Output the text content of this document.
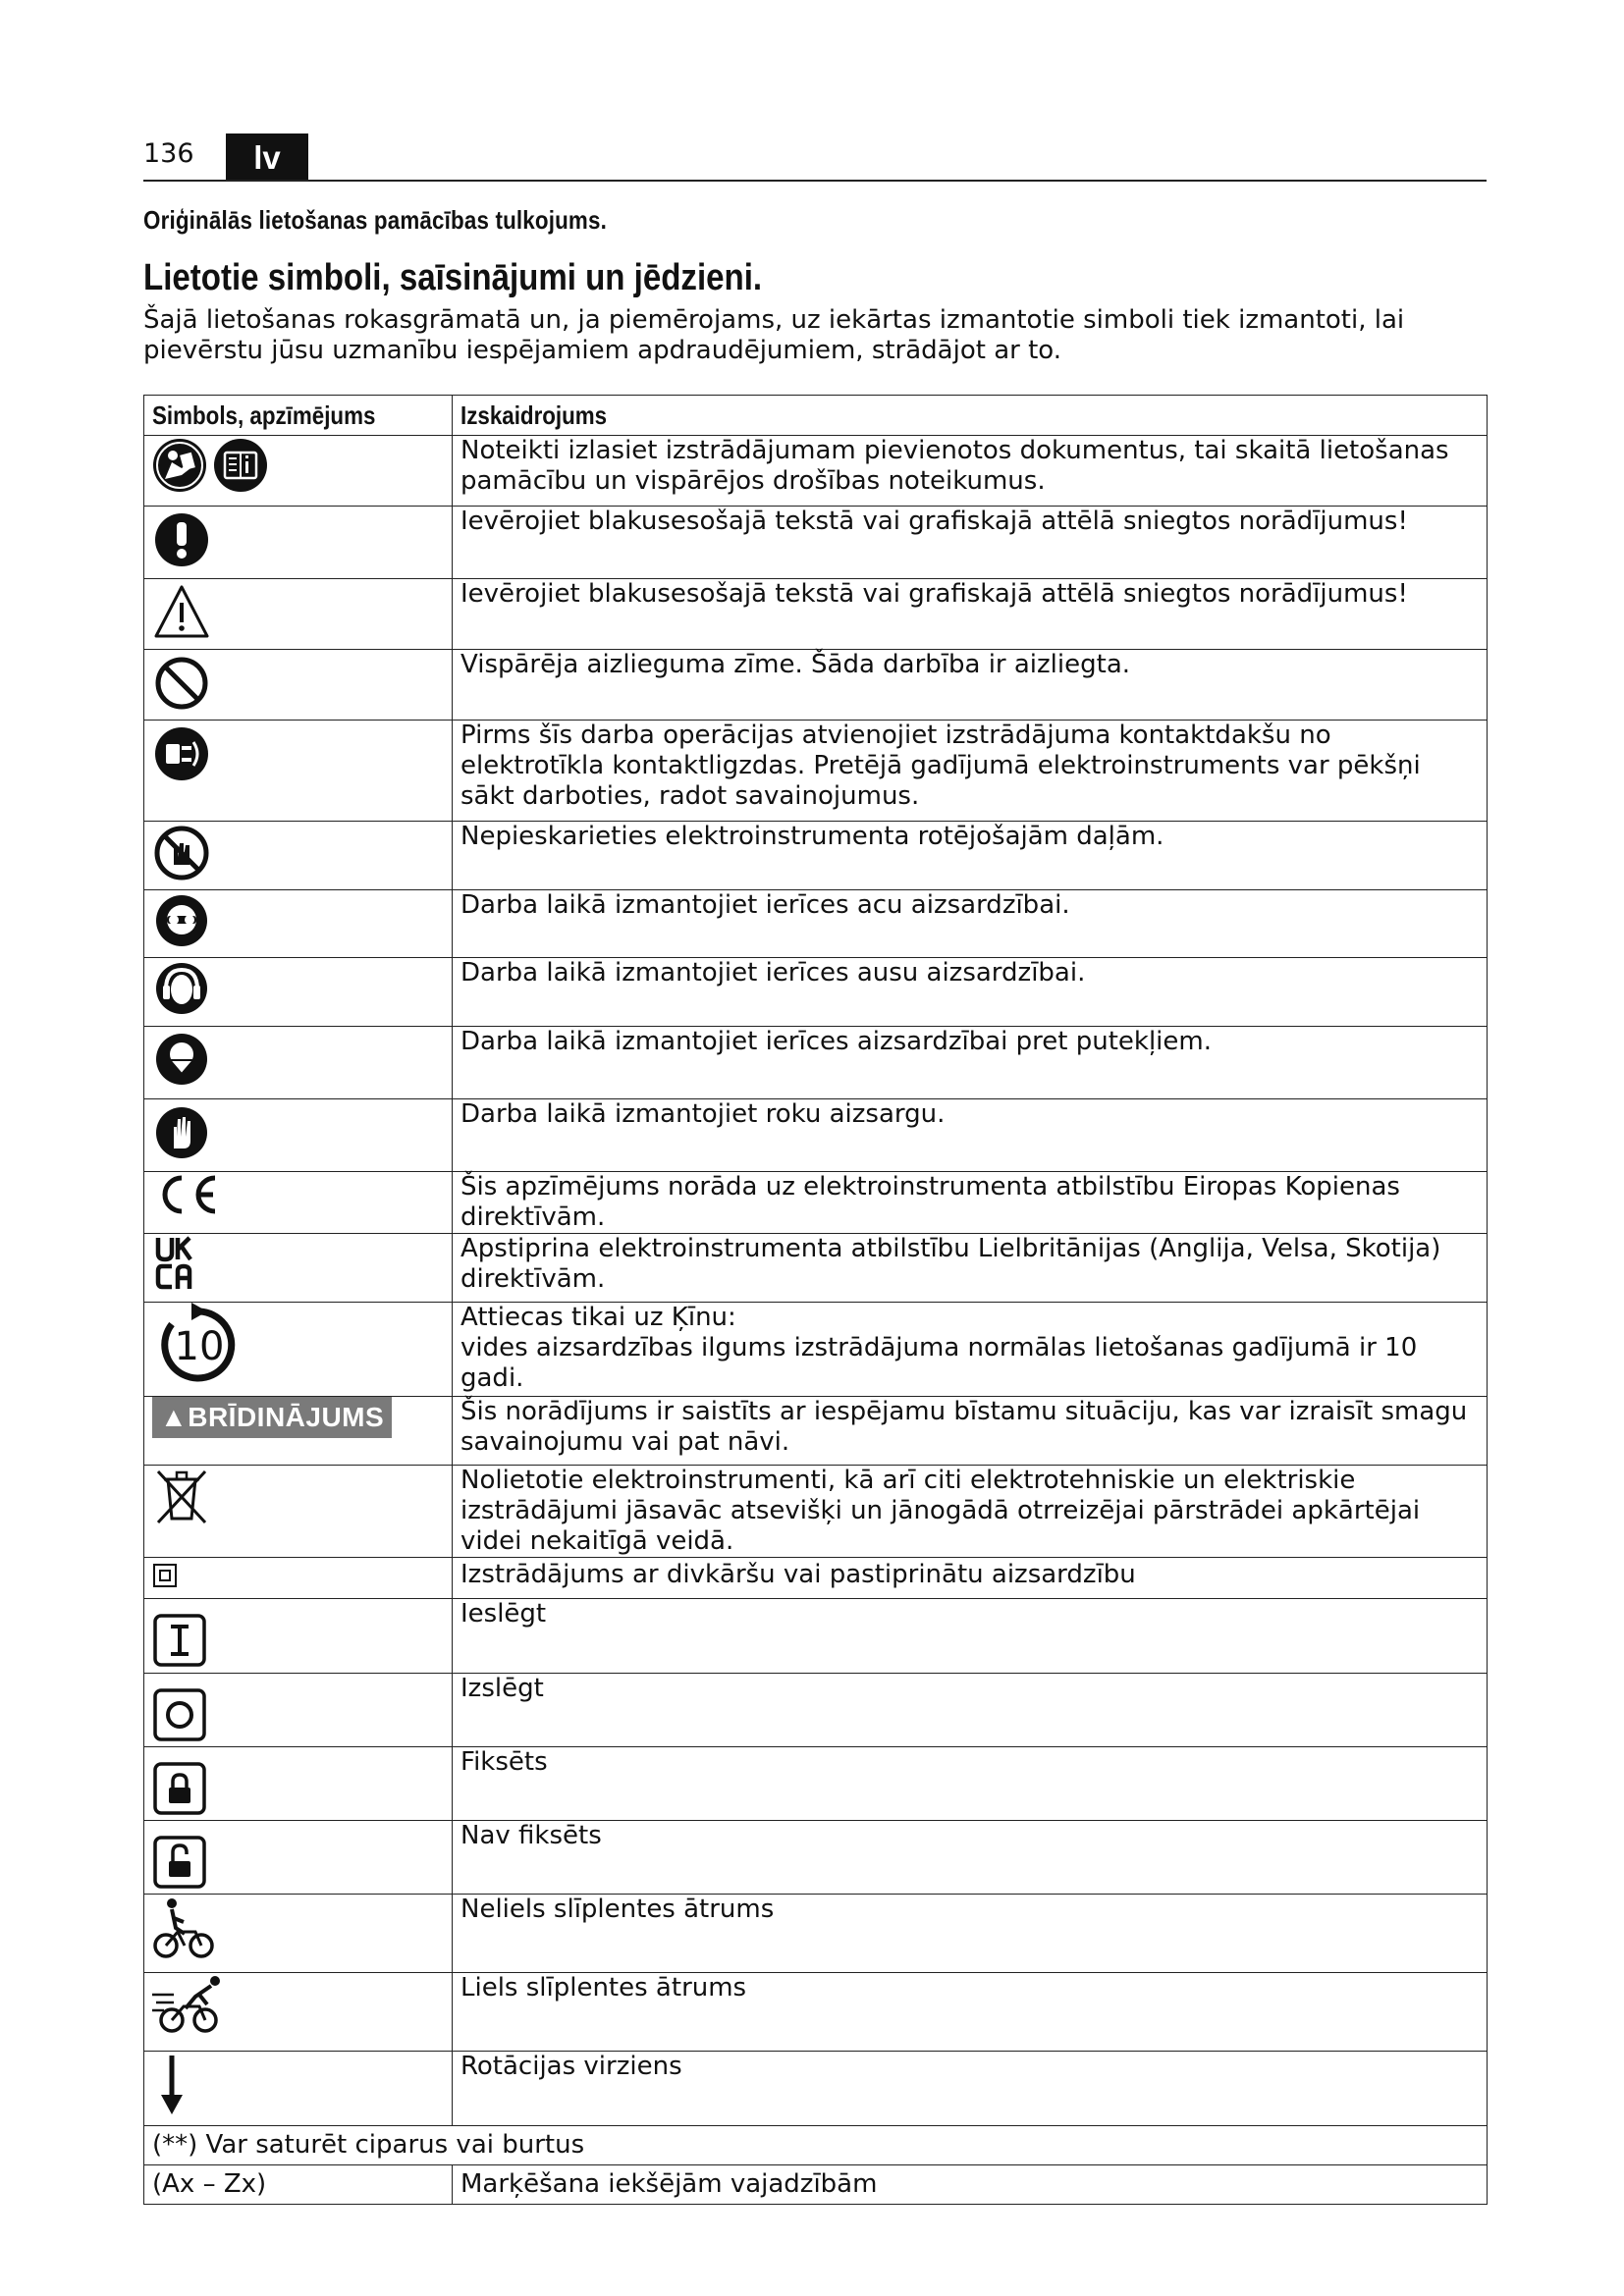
136	lv
Oriģinālās lietošanas pamācības tulkojums.
Lietotie simboli, saīsinājumi un jēdzieni.
Šajā lietošanas rokasgrāmatā un, ja piemērojams, uz iekārtas izmantotie simboli tiek izmantoti, lai pievērstu jūsu uzmanību iespējamiem apdraudējumiem, strādājot ar to.
Simbols, apzīmējums	Izskaidrojums
	Noteikti izlasiet izstrādājumam pievienotos dokumentus, tai skaitā lietošanas pamācību un vispārējos drošības noteikumus.
	Ievērojiet blakusesošajā tekstā vai grafiskajā attēlā sniegtos norādījumus!
	Ievērojiet blakusesošajā tekstā vai grafiskajā attēlā sniegtos norādījumus!
	Vispārēja aizlieguma zīme. Šāda darbība ir aizliegta.
	Pirms šīs darba operācijas atvienojiet izstrādājuma kontaktdakšu no elektrotīkla kontaktligzdas. Pretējā gadījumā elektroinstruments var pēkšņi sākt darboties, radot savainojumus.
	Nepieskarieties elektroinstrumenta rotējošajām daļām.
	Darba laikā izmantojiet ierīces acu aizsardzībai.
	Darba laikā izmantojiet ierīces ausu aizsardzībai.
	Darba laikā izmantojiet ierīces aizsardzībai pret putekļiem.
	Darba laikā izmantojiet roku aizsargu.
	Šis apzīmējums norāda uz elektroinstrumenta atbilstību Eiropas Kopienas direktīvām.
	Apstiprina elektroinstrumenta atbilstību Lielbritānijas (Anglija, Velsa, Skotija) direktīvām.

10	Attiecas tikai uz Ķīnu:
vides aizsardzības ilgums izstrādājuma normālas lietošanas gadījumā ir 10 gadi.

▲BRĪDINĀJUMS	Šis norādījums ir saistīts ar iespējamu bīstamu situāciju, kas var izraisīt smagu savainojumu vai pat nāvi.
	Nolietotie elektroinstrumenti, kā arī citi elektrotehniskie un elektriskie izstrādājumi jāsavāc atsevišķi un jānogādā otrreizējai pārstrādei apkārtējai videi nekaitīgā veidā.
	Izstrādājums ar divkāršu vai pastiprinātu aizsardzību
	Ieslēgt
	Izslēgt
	Fiksēts
	Nav fiksēts
	Neliels slīplentes ātrums
	Liels slīplentes ātrums
	Rotācijas virziens
(**) Var saturēt ciparus vai burtus	
(Ax – Zx)	Marķēšana iekšējām vajadzībām
